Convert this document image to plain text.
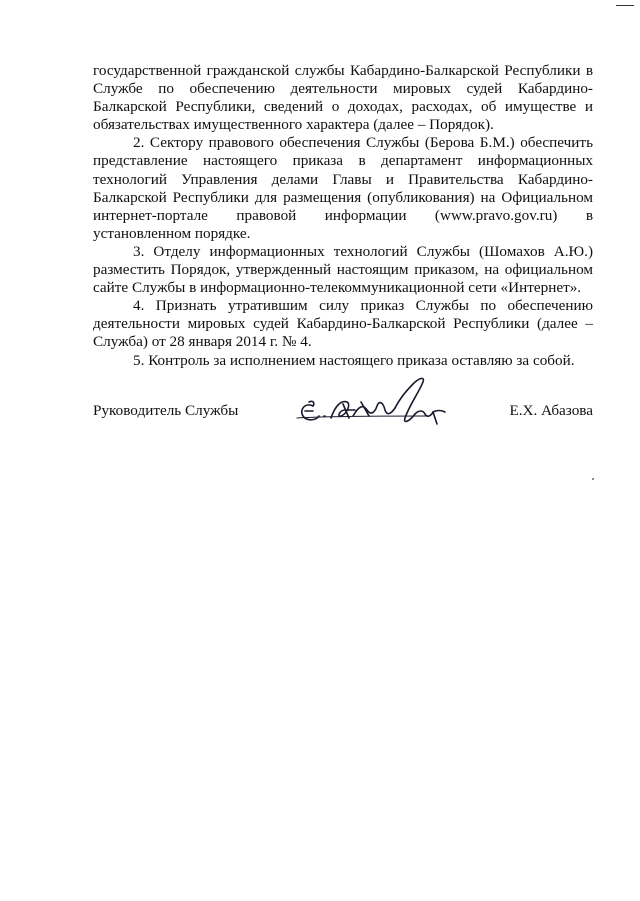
государственной гражданской службы Кабардино-Балкарской Республики в Службе по обеспечению деятельности мировых судей Кабардино-Балкарской Республики, сведений о доходах, расходах, об имуществе и обязательствах имущественного характера (далее – Порядок).

2. Сектору правового обеспечения Службы (Берова Б.М.) обеспечить представление настоящего приказа в департамент информационных технологий Управления делами Главы и Правительства Кабардино-Балкарской Республики для размещения (опубликования) на Официальном интернет-портале правовой информации (www.pravo.gov.ru) в установленном порядке.

3. Отделу информационных технологий Службы (Шомахов А.Ю.) разместить Порядок, утвержденный настоящим приказом, на официальном сайте Службы в информационно-телекоммуникационной сети «Интернет».

4. Признать утратившим силу приказ Службы по обеспечению деятельности мировых судей Кабардино-Балкарской Республики (далее – Служба) от 28 января 2014 г. № 4.

5. Контроль за исполнением настоящего приказа оставляю за собой.

Руководитель Службы	Е.Х. Абазова
